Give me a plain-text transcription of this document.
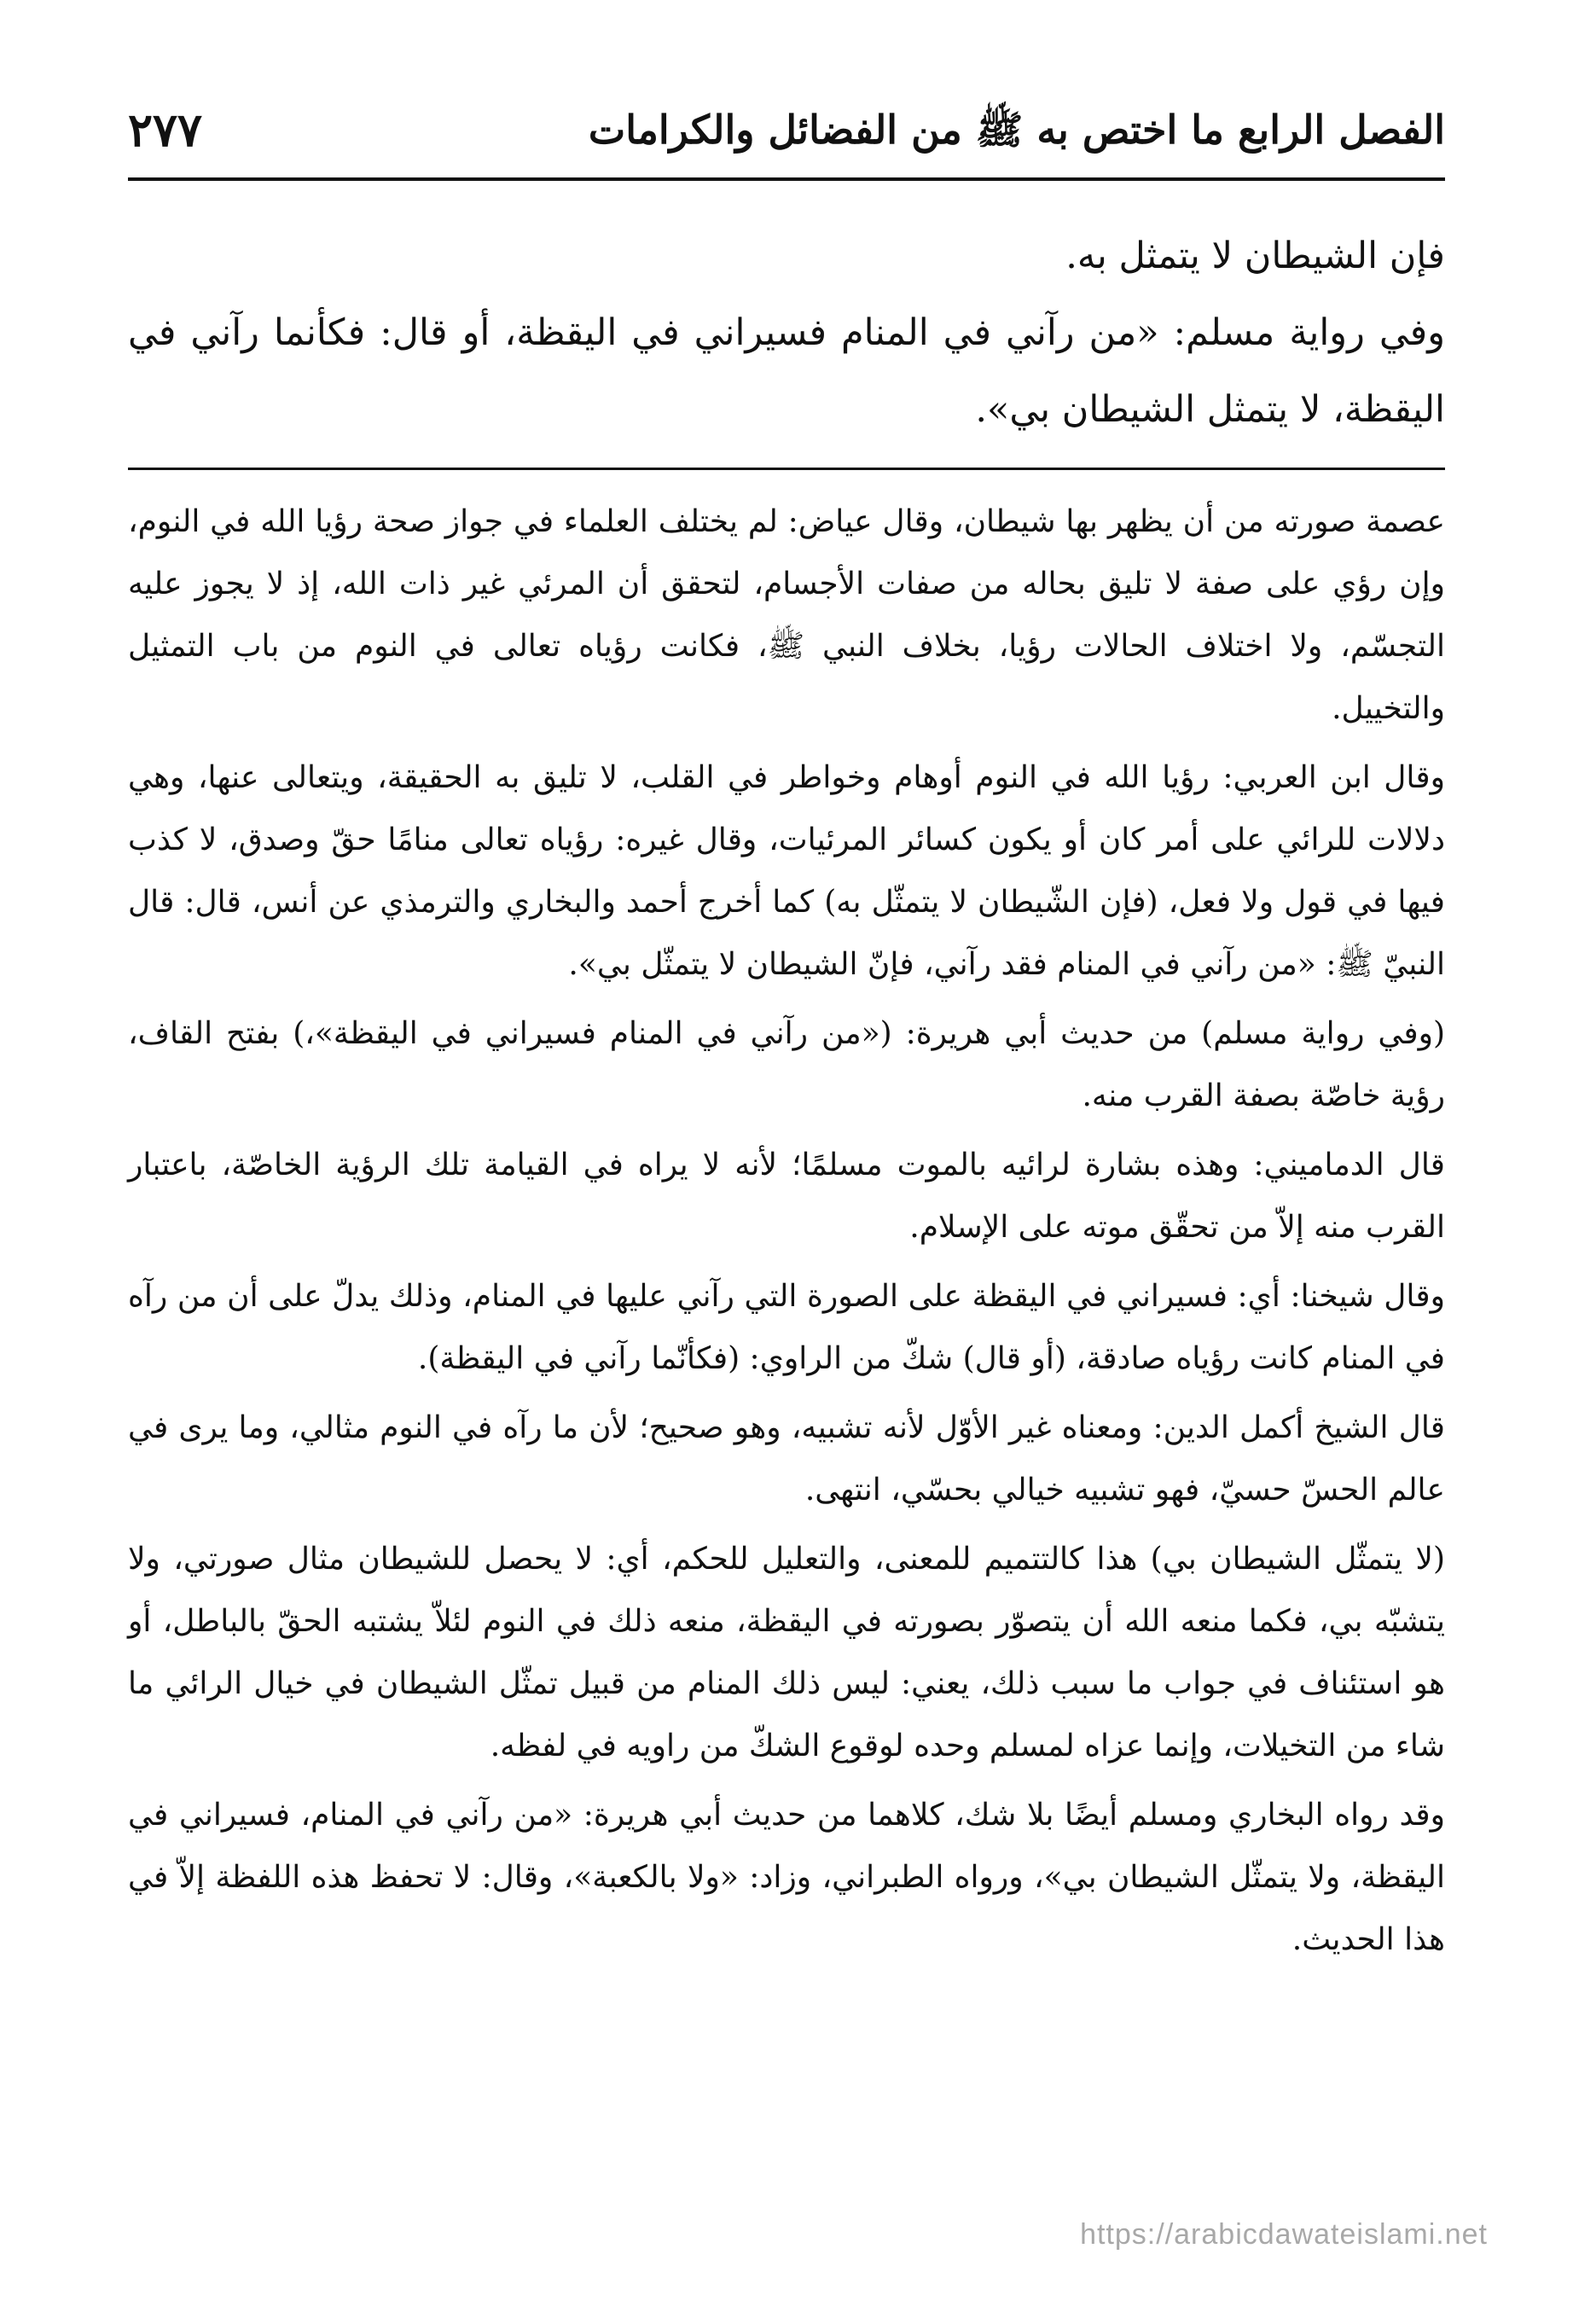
الفصل الرابع ما اختص به ﷺ من الفضائل والكرامات
٢٧٧

فإن الشيطان لا يتمثل به.

وفي رواية مسلم: «من رآني في المنام فسيراني في اليقظة، أو قال: فكأنما رآني في اليقظة، لا يتمثل الشيطان بي».

عصمة صورته من أن يظهر بها شيطان، وقال عياض: لم يختلف العلماء في جواز صحة رؤيا الله في النوم، وإن رؤي على صفة لا تليق بحاله من صفات الأجسام، لتحقق أن المرئي غير ذات الله، إذ لا يجوز عليه التجسّم، ولا اختلاف الحالات رؤيا، بخلاف النبي ﷺ، فكانت رؤياه تعالى في النوم من باب التمثيل والتخييل.

وقال ابن العربي: رؤيا الله في النوم أوهام وخواطر في القلب، لا تليق به الحقيقة، ويتعالى عنها، وهي دلالات للرائي على أمر كان أو يكون كسائر المرئيات، وقال غيره: رؤياه تعالى منامًا حقّ وصدق، لا كذب فيها في قول ولا فعل، (فإن الشّيطان لا يتمثّل به) كما أخرج أحمد والبخاري والترمذي عن أنس، قال: قال النبيّ ﷺ: «من رآني في المنام فقد رآني، فإنّ الشيطان لا يتمثّل بي».

(وفي رواية مسلم) من حديث أبي هريرة: («من رآني في المنام فسيراني في اليقظة»،) بفتح القاف، رؤية خاصّة بصفة القرب منه.

قال الدماميني: وهذه بشارة لرائيه بالموت مسلمًا؛ لأنه لا يراه في القيامة تلك الرؤية الخاصّة، باعتبار القرب منه إلاّ من تحقّق موته على الإسلام.

وقال شيخنا: أي: فسيراني في اليقظة على الصورة التي رآني عليها في المنام، وذلك يدلّ على أن من رآه في المنام كانت رؤياه صادقة، (أو قال) شكّ من الراوي: (فكأنّما رآني في اليقظة).

قال الشيخ أكمل الدين: ومعناه غير الأوّل لأنه تشبيه، وهو صحيح؛ لأن ما رآه في النوم مثالي، وما يرى في عالم الحسّ حسيّ، فهو تشبيه خيالي بحسّي، انتهى.

(لا يتمثّل الشيطان بي) هذا كالتتميم للمعنى، والتعليل للحكم، أي: لا يحصل للشيطان مثال صورتي، ولا يتشبّه بي، فكما منعه الله أن يتصوّر بصورته في اليقظة، منعه ذلك في النوم لئلاّ يشتبه الحقّ بالباطل، أو هو استئناف في جواب ما سبب ذلك، يعني: ليس ذلك المنام من قبيل تمثّل الشيطان في خيال الرائي ما شاء من التخيلات، وإنما عزاه لمسلم وحده لوقوع الشكّ من راويه في لفظه.

وقد رواه البخاري ومسلم أيضًا بلا شك، كلاهما من حديث أبي هريرة: «من رآني في المنام، فسيراني في اليقظة، ولا يتمثّل الشيطان بي»، ورواه الطبراني، وزاد: «ولا بالكعبة»، وقال: لا تحفظ هذه اللفظة إلاّ في هذا الحديث.

https://arabicdawateislami.net
